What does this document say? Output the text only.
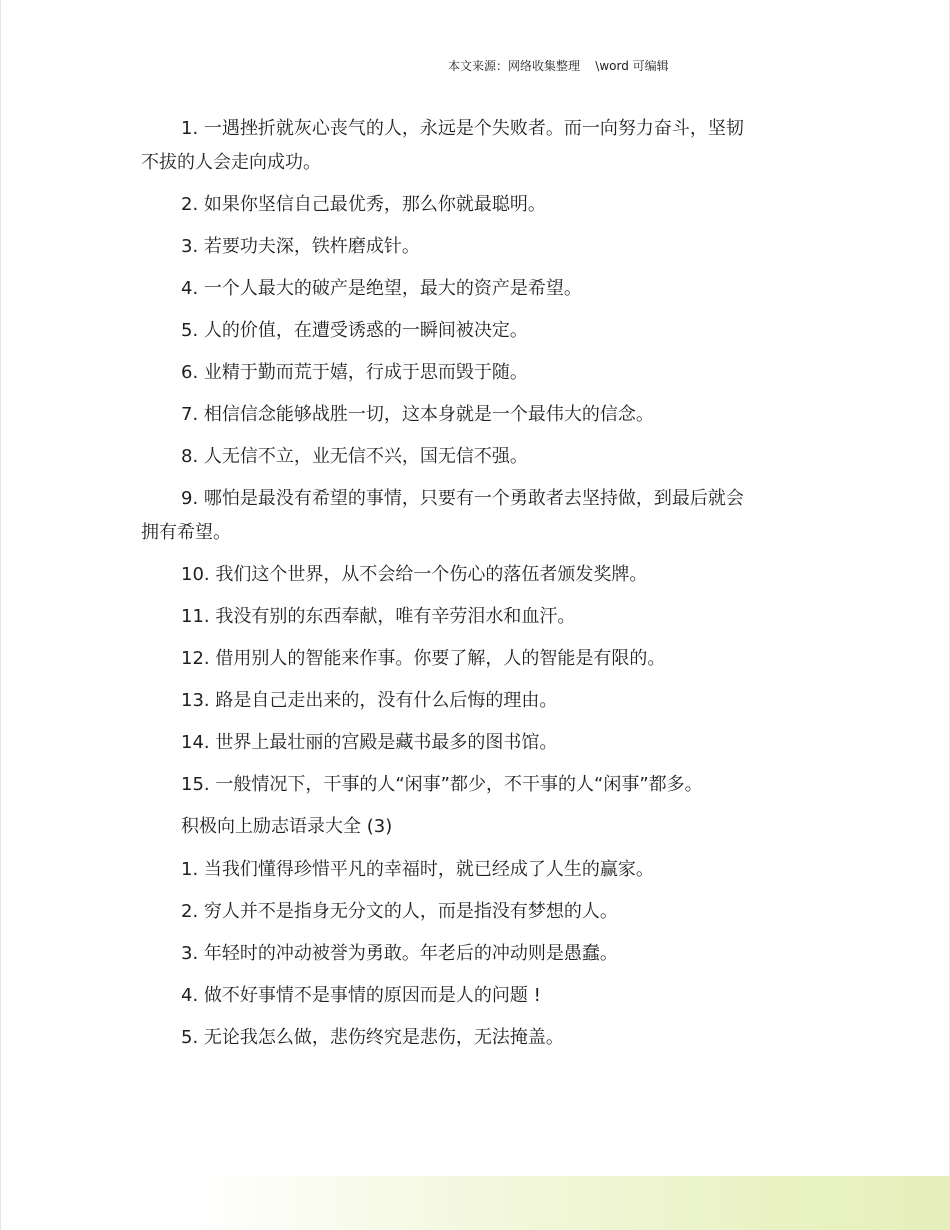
本文来源：网络收集整理 \word 可编辑

1. 一遇挫折就灰心丧气的人，永远是个失败者。而一向努力奋斗，坚韧不拔的人会走向成功。

2. 如果你坚信自己最优秀，那么你就最聪明。

3. 若要功夫深，铁杵磨成针。

4. 一个人最大的破产是绝望，最大的资产是希望。

5. 人的价值，在遭受诱惑的一瞬间被决定。

6. 业精于勤而荒于嬉，行成于思而毁于随。

7. 相信信念能够战胜一切，这本身就是一个最伟大的信念。

8. 人无信不立，业无信不兴，国无信不强。

9. 哪怕是最没有希望的事情，只要有一个勇敢者去坚持做，到最后就会拥有希望。

10. 我们这个世界，从不会给一个伤心的落伍者颁发奖牌。

11. 我没有别的东西奉献，唯有辛劳泪水和血汗。

12. 借用别人的智能来作事。你要了解，人的智能是有限的。

13. 路是自己走出来的，没有什么后悔的理由。

14. 世界上最壮丽的宫殿是藏书最多的图书馆。

15. 一般情况下，干事的人“闲事”都少，不干事的人“闲事”都多。

积极向上励志语录大全 (3)

1. 当我们懂得珍惜平凡的幸福时，就已经成了人生的赢家。

2. 穷人并不是指身无分文的人，而是指没有梦想的人。

3. 年轻时的冲动被誉为勇敢。年老后的冲动则是愚蠢。

4. 做不好事情不是事情的原因而是人的问题 !

5. 无论我怎么做，悲伤终究是悲伤，无法掩盖。
